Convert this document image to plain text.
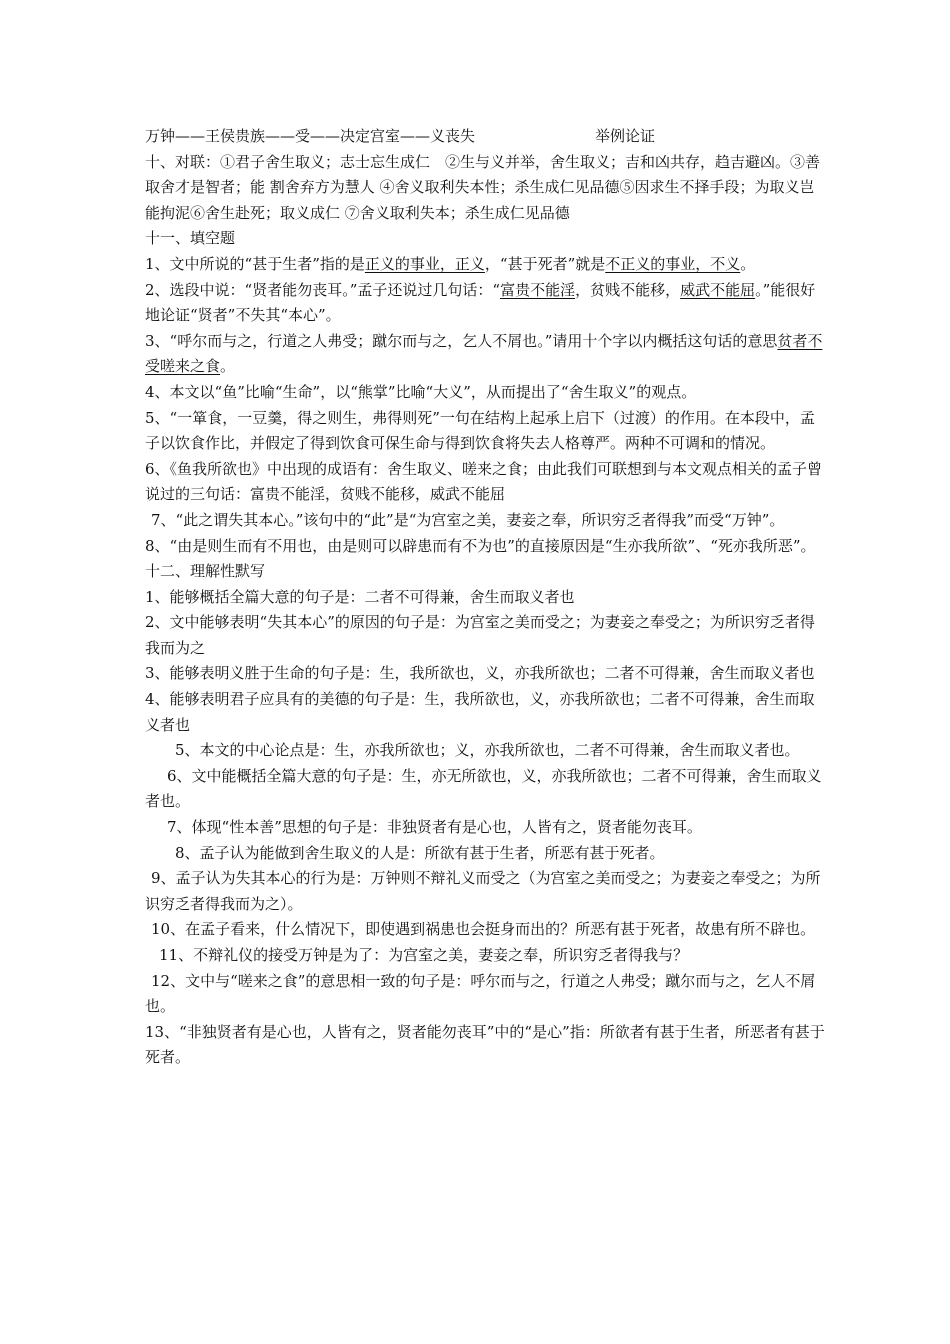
万钟——王侯贵族——受——决定宫室——义丧失	举例论证

十、对联：①君子舍生取义；志士忘生成仁　②生与义并举，舍生取义；吉和凶共存，趋吉避凶。③善取舍才是智者；能 割舍弃方为慧人 ④舍义取利失本性；杀生成仁见品德⑤因求生不择手段；为取义岂能拘泥⑥舍生赴死；取义成仁 ⑦舍义取利失本；杀生成仁见品德

十一、填空题

1、文中所说的“甚于生者”指的是正义的事业，正义，“甚于死者”就是不正义的事业，不义。

2、选段中说：“贤者能勿丧耳。”孟子还说过几句话：“富贵不能淫，贫贱不能移，威武不能屈。”能很好地论证“贤者”不失其“本心”。

3、“呼尔而与之，行道之人弗受；蹴尔而与之，乞人不屑也。”请用十个字以内概括这句话的意思贫者不受嗟来之食。

4、本文以“鱼”比喻“生命”，以“熊掌”比喻“大义”，从而提出了“舍生取义”的观点。

5、“一箪食，一豆羹，得之则生，弗得则死”一句在结构上起承上启下（过渡）的作用。在本段中，孟子以饮食作比，并假定了得到饮食可保生命与得到饮食将失去人格尊严。两种不可调和的情况。

6、《鱼我所欲也》中出现的成语有：舍生取义、嗟来之食；由此我们可联想到与本文观点相关的孟子曾说过的三句话：富贵不能淫，贫贱不能移，威武不能屈

7、“此之谓失其本心。”该句中的“此”是“为宫室之美，妻妾之奉，所识穷乏者得我”而受“万钟”。

8、“由是则生而有不用也，由是则可以辟患而有不为也”的直接原因是“生亦我所欲”、“死亦我所恶”。

十二、理解性默写

1、能够概括全篇大意的句子是：二者不可得兼，舍生而取义者也

2、文中能够表明“失其本心”的原因的句子是：为宫室之美而受之；为妻妾之奉受之；为所识穷乏者得我而为之

3、能够表明义胜于生命的句子是：生，我所欲也，义，亦我所欲也；二者不可得兼，舍生而取义者也

4、能够表明君子应具有的美德的句子是：生，我所欲也，义，亦我所欲也；二者不可得兼，舍生而取义者也

5、本文的中心论点是：生，亦我所欲也；义，亦我所欲也，二者不可得兼，舍生而取义者也。

6、文中能概括全篇大意的句子是：生，亦无所欲也，义，亦我所欲也；二者不可得兼，舍生而取义者也。

7、体现“性本善”思想的句子是：非独贤者有是心也，人皆有之，贤者能勿丧耳。

8、孟子认为能做到舍生取义的人是：所欲有甚于生者，所恶有甚于死者。

9、孟子认为失其本心的行为是：万钟则不辩礼义而受之（为宫室之美而受之；为妻妾之奉受之；为所识穷乏者得我而为之）。

10、在孟子看来，什么情况下，即使遇到祸患也会挺身而出的？所恶有甚于死者，故患有所不辟也。

11、不辩礼仪的接受万钟是为了：为宫室之美，妻妾之奉，所识穷乏者得我与？

12、文中与“嗟来之食”的意思相一致的句子是：呼尔而与之，行道之人弗受；蹴尔而与之，乞人不屑也。

13、“非独贤者有是心也，人皆有之，贤者能勿丧耳”中的“是心”指：所欲者有甚于生者，所恶者有甚于死者。
